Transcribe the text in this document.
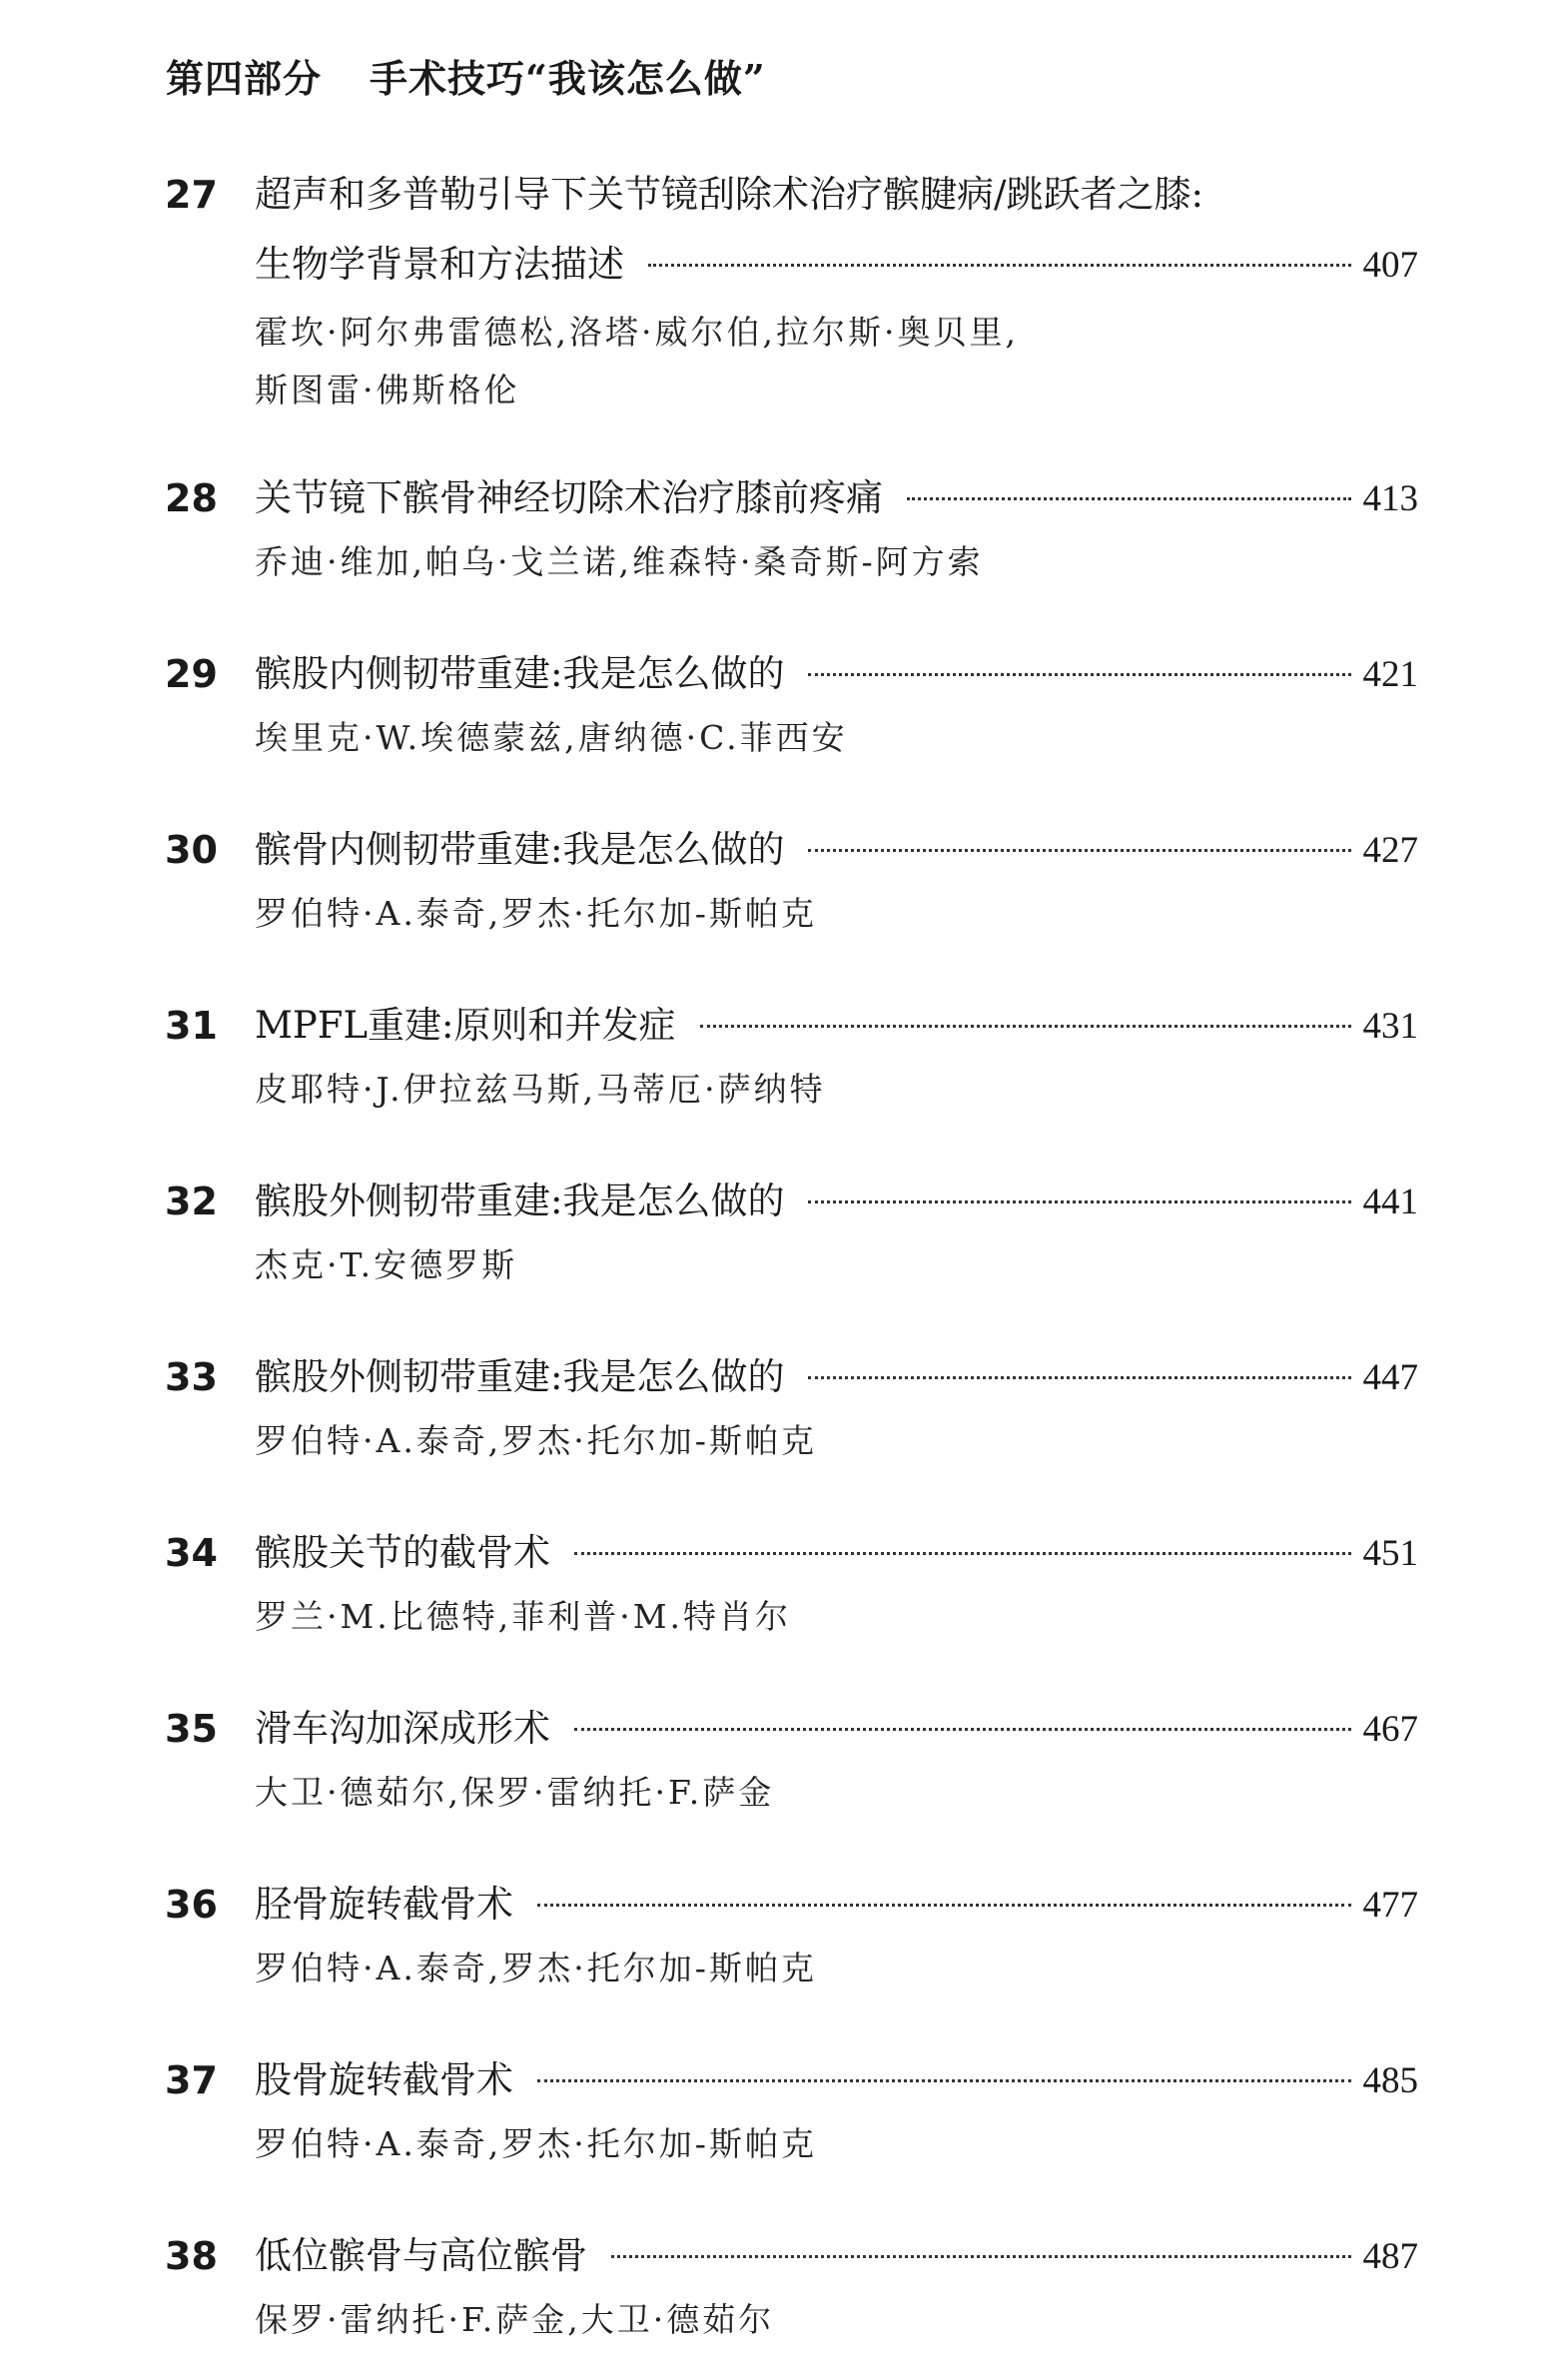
第四部分 手术技巧“我该怎么做”
27 超声和多普勒引导下关节镜刮除术治疗髌腱病/跳跃者之膝:
生物学背景和方法描述	407
霍坎·阿尔弗雷德松,洛塔·威尔伯,拉尔斯·奥贝里,
斯图雷·佛斯格伦
28 关节镜下髌骨神经切除术治疗膝前疼痛	413
乔迪·维加,帕乌·戈兰诺,维森特·桑奇斯-阿方索
29 髌股内侧韧带重建:我是怎么做的	421
埃里克·W.埃德蒙兹,唐纳德·C.菲西安
30 髌骨内侧韧带重建:我是怎么做的	427
罗伯特·A.泰奇,罗杰·托尔加-斯帕克
31 MPFL重建:原则和并发症	431
皮耶特·J.伊拉兹马斯,马蒂厄·萨纳特
32 髌股外侧韧带重建:我是怎么做的	441
杰克·T.安德罗斯
33 髌股外侧韧带重建:我是怎么做的	447
罗伯特·A.泰奇,罗杰·托尔加-斯帕克
34 髌股关节的截骨术	451
罗兰·M.比德特,菲利普·M.特肖尔
35 滑车沟加深成形术	467
大卫·德茹尔,保罗·雷纳托·F.萨金
36 胫骨旋转截骨术	477
罗伯特·A.泰奇,罗杰·托尔加-斯帕克
37 股骨旋转截骨术	485
罗伯特·A.泰奇,罗杰·托尔加-斯帕克
38 低位髌骨与高位髌骨	487
保罗·雷纳托·F.萨金,大卫·德茹尔
